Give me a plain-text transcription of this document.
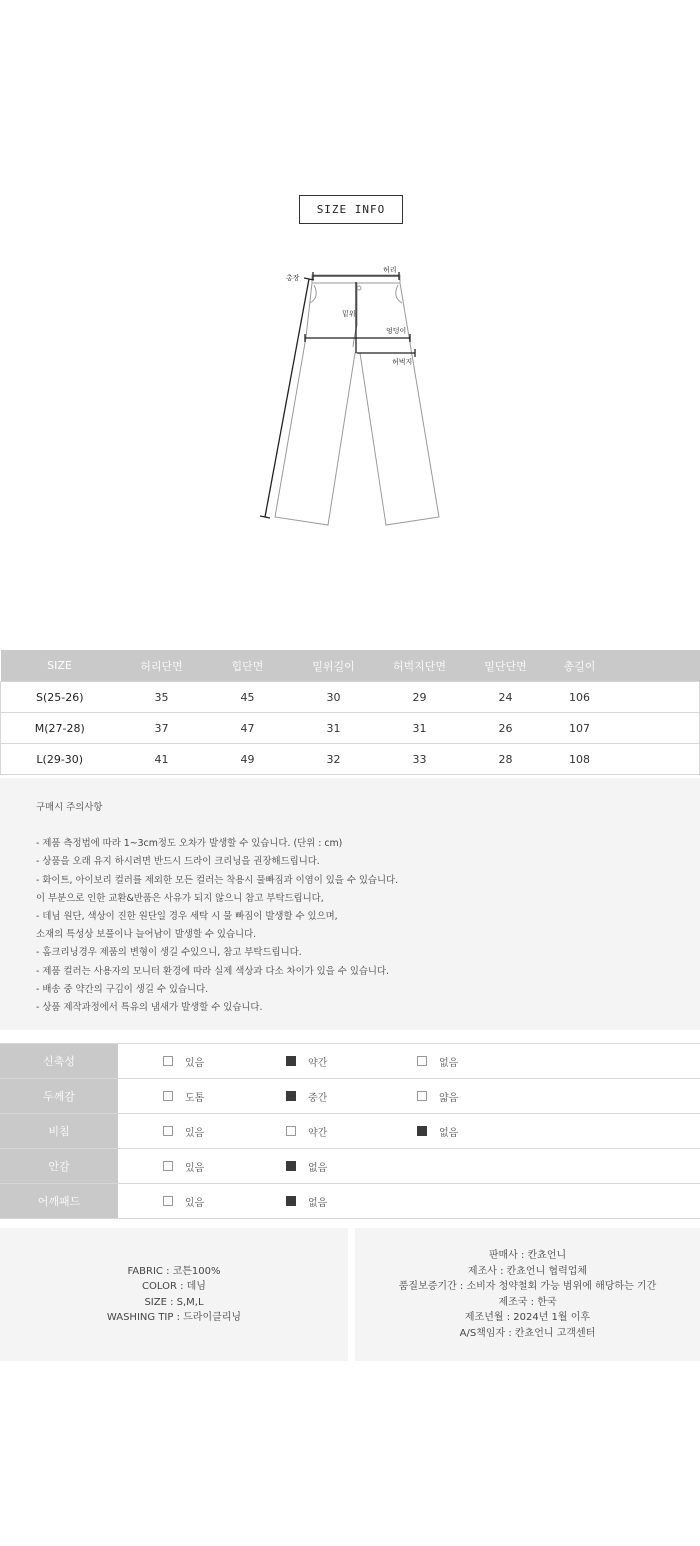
SIZE INFO
총장
허리
밑위
엉덩이
허벅지
SIZE	허리단면	힙단면	밑위길이	허벅지단면	밑단단면	총길이	
S(25-26)	35	45	30	29	24	106	
M(27-28)	37	47	31	31	26	107	
L(29-30)	41	49	32	33	28	108	
구매시 주의사항
- 제품 측정법에 따라 1~3cm정도 오차가 발생할 수 있습니다. (단위 : cm)
- 상품을 오래 유지 하시려면 반드시 드라이 크리닝을 권장해드립니다.
- 화이트, 아이보리 컬러를 제외한 모든 컬러는 착용시 물빠짐과 이염이 있을 수 있습니다.
이 부분으로 인한 교환&반품은 사유가 되지 않으니 참고 부탁드립니다,
- 데님 원단, 색상이 진한 원단일 경우 세탁 시 물 빠짐이 발생할 수 있으며,
소재의 특성상 보풀이나 늘어남이 발생할 수 있습니다.
- 홈크리닝경우 제품의 변형이 생길 수있으니, 참고 부탁드립니다.
- 제품 컬러는 사용자의 모니터 환경에 따라 실제 색상과 다소 차이가 있을 수 있습니다.
- 배송 중 약간의 구김이 생길 수 있습니다.
- 상품 제작과정에서 특유의 냄새가 발생할 수 있습니다.
신축성	있음	약간	없음
두께감	도톰	중간	얇음
비침	있음	약간	없음
안감	있음	없음
어깨패드	있음	없음
FABRIC : 코튼100%
COLOR : 데님
SIZE : S,M,L
WASHING TIP : 드라이클리닝
판매사 : 칸쵸언니
제조사 : 칸쵸언니 협력업체
품질보증기간 : 소비자 청약철회 가능 범위에 해당하는 기간
제조국 : 한국
제조년월 : 2024년 1월 이후
A/S책임자 : 칸쵸언니 고객센터
